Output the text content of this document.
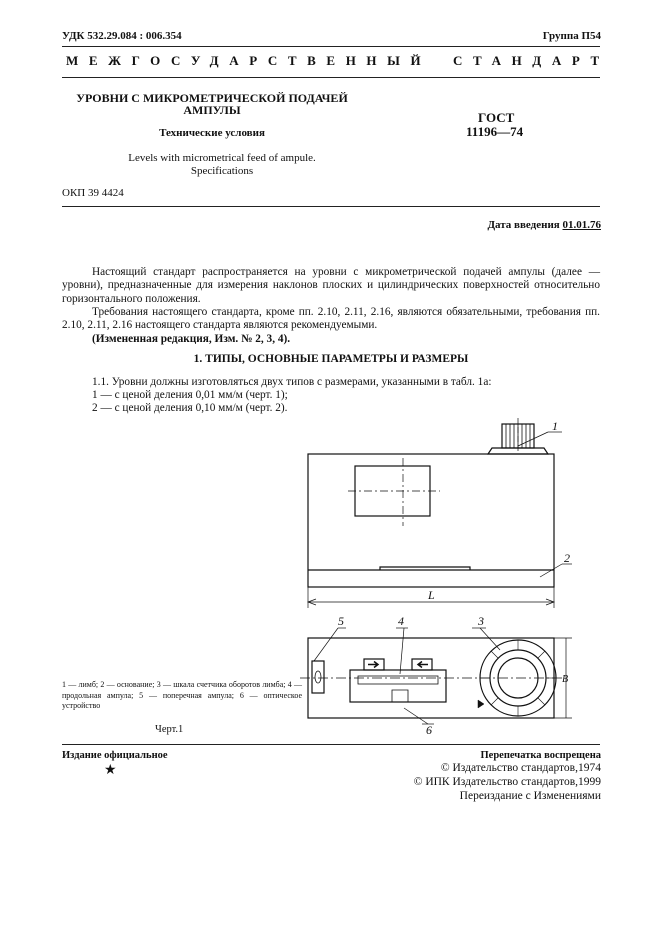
УДК 532.29.084 : 006.354	Группа П54
МЕЖГОСУДАРСТВЕННЫЙ СТАНДАРТ
УРОВНИ С МИКРОМЕТРИЧЕСКОЙ ПОДАЧЕЙ
АМПУЛЫ
Технические условия
Levels with micrometrical feed of ampule.
Specifications
ГОСТ
11196—74
ОКП 39 4424
Дата введения 01.01.76
Настоящий стандарт распространяется на уровни с микрометрической подачей ампулы (далее — уровни), предназначенные для измерения наклонов плоских и цилиндрических поверхностей относительно горизонтального положения.
Требования настоящего стандарта, кроме пп. 2.10, 2.11, 2.16, являются обязательными, требования пп. 2.10, 2.11, 2.16 настоящего стандарта являются рекомендуемыми.
(Измененная редакция, Изм. № 2, 3, 4).
1. ТИПЫ, ОСНОВНЫЕ ПАРАМЕТРЫ И РАЗМЕРЫ
1.1. Уровни должны изготовляться двух типов с размерами, указанными в табл. 1а:
1 — с ценой деления 0,01 мм/м (черт. 1);
2 — с ценой деления 0,10 мм/м (черт. 2).
1
2
3
4
5
6
L
B
1 — лимб; 2 — основание; 3 — шкала счетчика оборотов лимба; 4 — продольная ампула; 5 — поперечная ампула; 6 — оптическое устройство
Черт.1
Издание официальное
★
Перепечатка воспрещена
© Издательство стандартов,1974
© ИПК Издательство стандартов,1999
Переиздание с Изменениями
